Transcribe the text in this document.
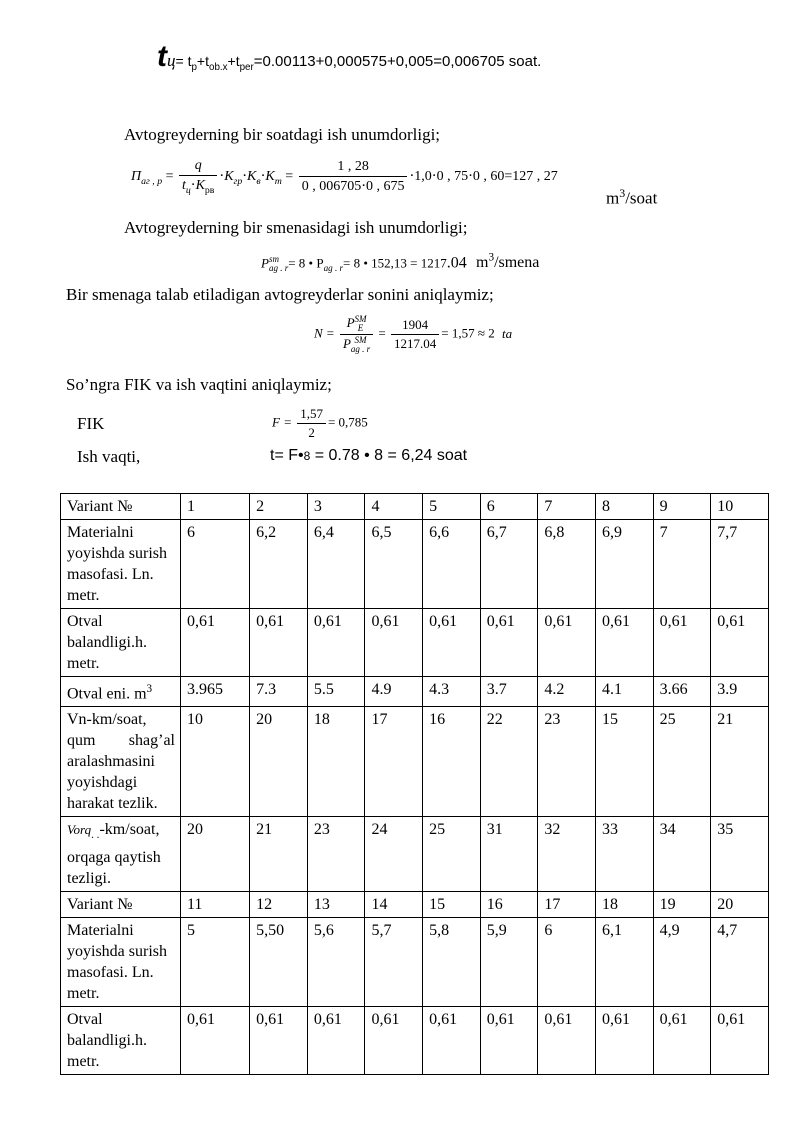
$tц= t_р+t_{ob.x}+t_{per}=0.00113+0,000575+0,005=0,006705$ soat.
Avtogreyderning bir soatdagi ish unumdorligi;
$П_{аг , р} = \frac{q}{t_ц\cdot К_{рв}} \cdot К_{гр}\cdot К_в\cdot К_т = \frac{1 , 28}{0 , 006705\cdot 0 , 675} \cdot 1,0\cdot 0$ , 75⋅0 , 60=127 , 27
$m^3$/soat
Avtogreyderning bir smenasidagi ish unumdorligi;
P sm
ag . r = 8 • $P_{ag . r}= 8$ • 152,13 = 1217.04 $m^3$/smena
Bir smenaga talab etiladigan avtogreyderlar sonini aniqlaymiz;
N = P SM
E
P SM
ag . $r = \frac{1904}{1217.04} = 1,57 \approx 2$ ta
So’ngra FIK va ish vaqtini aniqlaymiz;
FIK	$F = \frac{1,57}{2} = 0,785$
Ish vaqti,	t= F•8 = 0.78 • 8 = 6,24 soat
Variant №	1	2	3	4	5	6	7	8	9	10
Materialni yoyishda surish masofasi. Ln. metr.	6	6,2	6,4	6,5	6,6	6,7	6,8	6,9	7	7,7
Otval balandligi.h. metr.	0,61	0,61	0,61	0,61	0,61	0,61	0,61	0,61	0,61	0,61
Otval eni. $m^3$	3.965	7.3	5.5	4.9	4.3	3.7	4.2	4.1	3.66	3.9
Vn-km/soat, qum shag’al aralashmasini yoyishdagi harakat tezlik.	10	20	18	17	16	22	23	15	25	21
Vorq$_{. .}$-km/soat, orqaga qaytish tezligi.	20	21	23	24	25	31	32	33	34	35
Variant №	11	12	13	14	15	16	17	18	19	20
Materialni yoyishda surish masofasi. Ln. metr.	5	5,50	5,6	5,7	5,8	5,9	6	6,1	4,9	4,7
Otval balandligi.h. metr.	0,61	0,61	0,61	0,61	0,61	0,61	0,61	0,61	0,61	0,61
